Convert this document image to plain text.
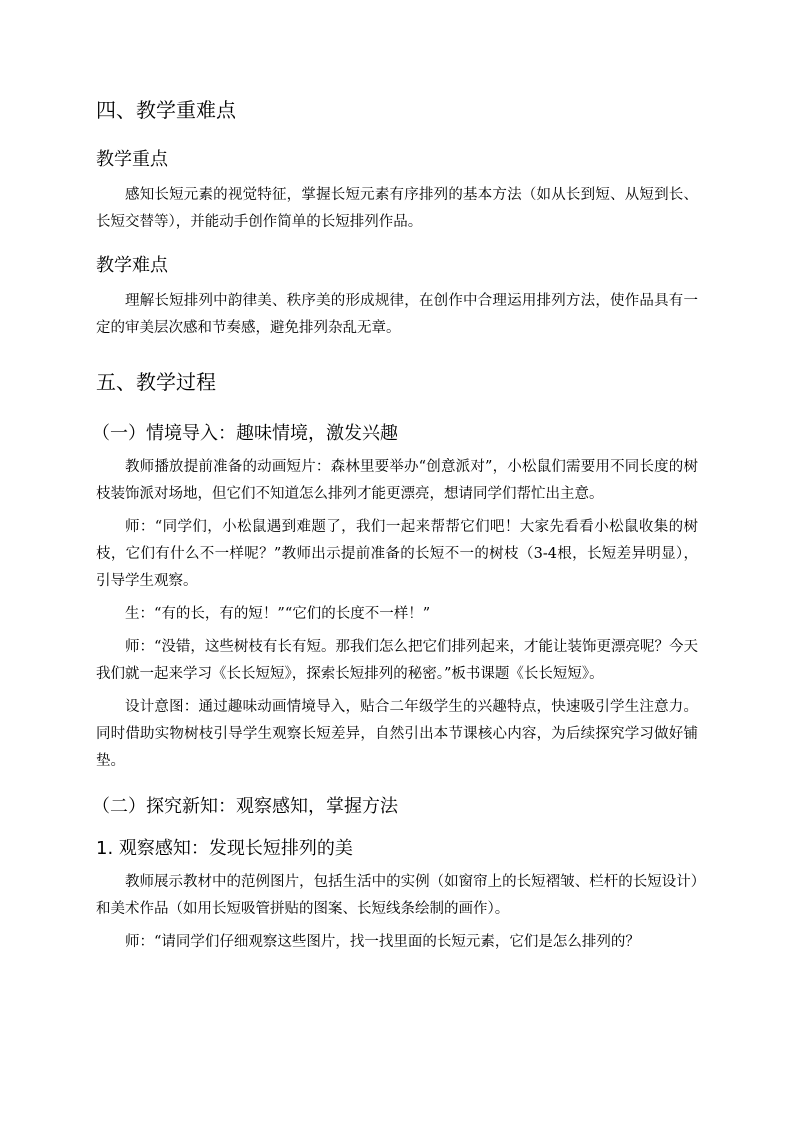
四、教学重难点
教学重点

感知长短元素的视觉特征，掌握长短元素有序排列的基本方法（如从长到短、从短到长、长短交替等），并能动手创作简单的长短排列作品。

教学难点

理解长短排列中韵律美、秩序美的形成规律，在创作中合理运用排列方法，使作品具有一定的审美层次感和节奏感，避免排列杂乱无章。

五、教学过程
（一）情境导入：趣味情境，激发兴趣

教师播放提前准备的动画短片：森林里要举办“创意派对”，小松鼠们需要用不同长度的树枝装饰派对场地，但它们不知道怎么排列才能更漂亮，想请同学们帮忙出主意。

师：“同学们，小松鼠遇到难题了，我们一起来帮帮它们吧！大家先看看小松鼠收集的树枝，它们有什么不一样呢？”教师出示提前准备的长短不一的树枝（3-4根，长短差异明显），引导学生观察。

生：“有的长，有的短！”“它们的长度不一样！”

师：“没错，这些树枝有长有短。那我们怎么把它们排列起来，才能让装饰更漂亮呢？今天我们就一起来学习《长长短短》，探索长短排列的秘密。”板书课题《长长短短》。

设计意图：通过趣味动画情境导入，贴合二年级学生的兴趣特点，快速吸引学生注意力。同时借助实物树枝引导学生观察长短差异，自然引出本节课核心内容，为后续探究学习做好铺垫。

（二）探究新知：观察感知，掌握方法
1. 观察感知：发现长短排列的美

教师展示教材中的范例图片，包括生活中的实例（如窗帘上的长短褶皱、栏杆的长短设计）和美术作品（如用长短吸管拼贴的图案、长短线条绘制的画作）。

师：“请同学们仔细观察这些图片，找一找里面的长短元素，它们是怎么排列的？
